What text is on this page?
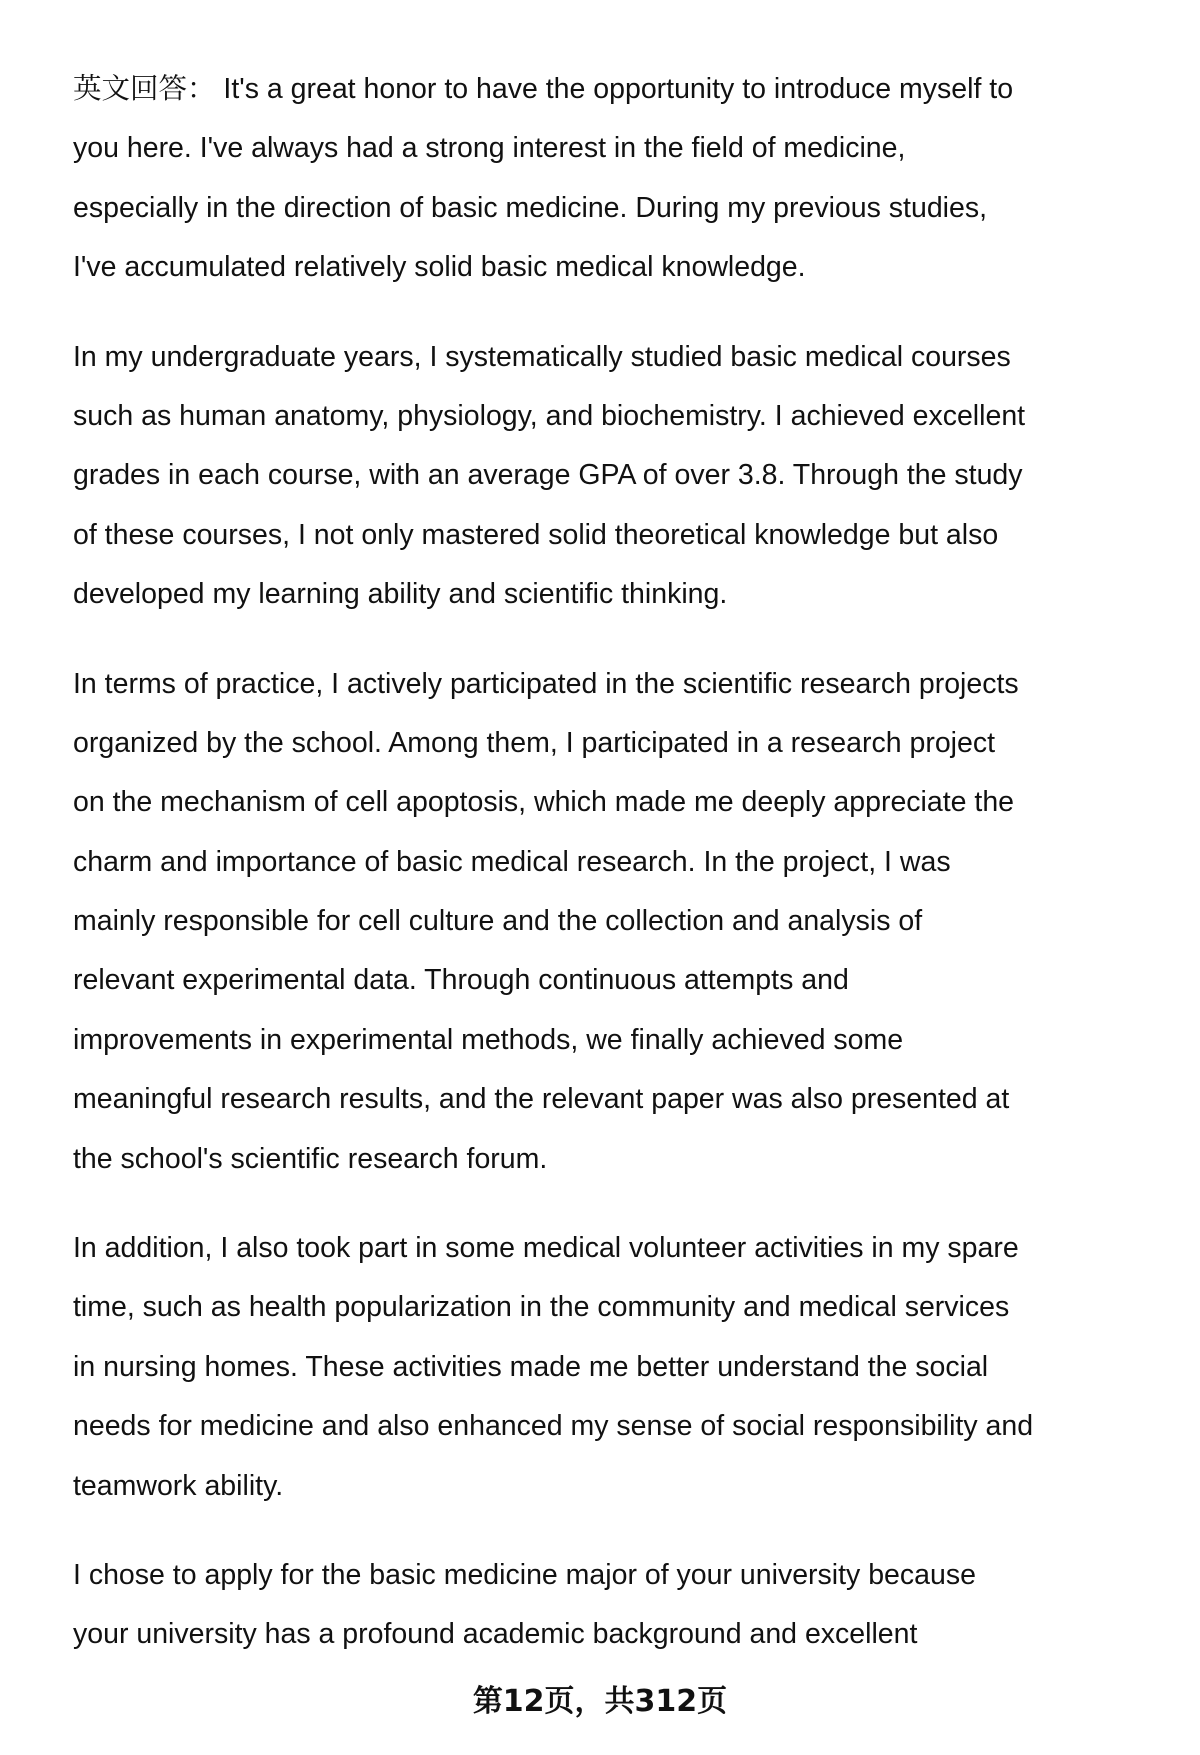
英文回答： It's a great honor to have the opportunity to introduce myself to
you here. I've always had a strong interest in the field of medicine,
especially in the direction of basic medicine. During my previous studies,
I've accumulated relatively solid basic medical knowledge.
In my undergraduate years, I systematically studied basic medical courses
such as human anatomy, physiology, and biochemistry. I achieved excellent
grades in each course, with an average GPA of over 3.8. Through the study
of these courses, I not only mastered solid theoretical knowledge but also
developed my learning ability and scientific thinking.
In terms of practice, I actively participated in the scientific research projects
organized by the school. Among them, I participated in a research project
on the mechanism of cell apoptosis, which made me deeply appreciate the
charm and importance of basic medical research. In the project, I was
mainly responsible for cell culture and the collection and analysis of
relevant experimental data. Through continuous attempts and
improvements in experimental methods, we finally achieved some
meaningful research results, and the relevant paper was also presented at
the school's scientific research forum.
In addition, I also took part in some medical volunteer activities in my spare
time, such as health popularization in the community and medical services
in nursing homes. These activities made me better understand the social
needs for medicine and also enhanced my sense of social responsibility and
teamwork ability.
I chose to apply for the basic medicine major of your university because
your university has a profound academic background and excellent
第12页，共312页
